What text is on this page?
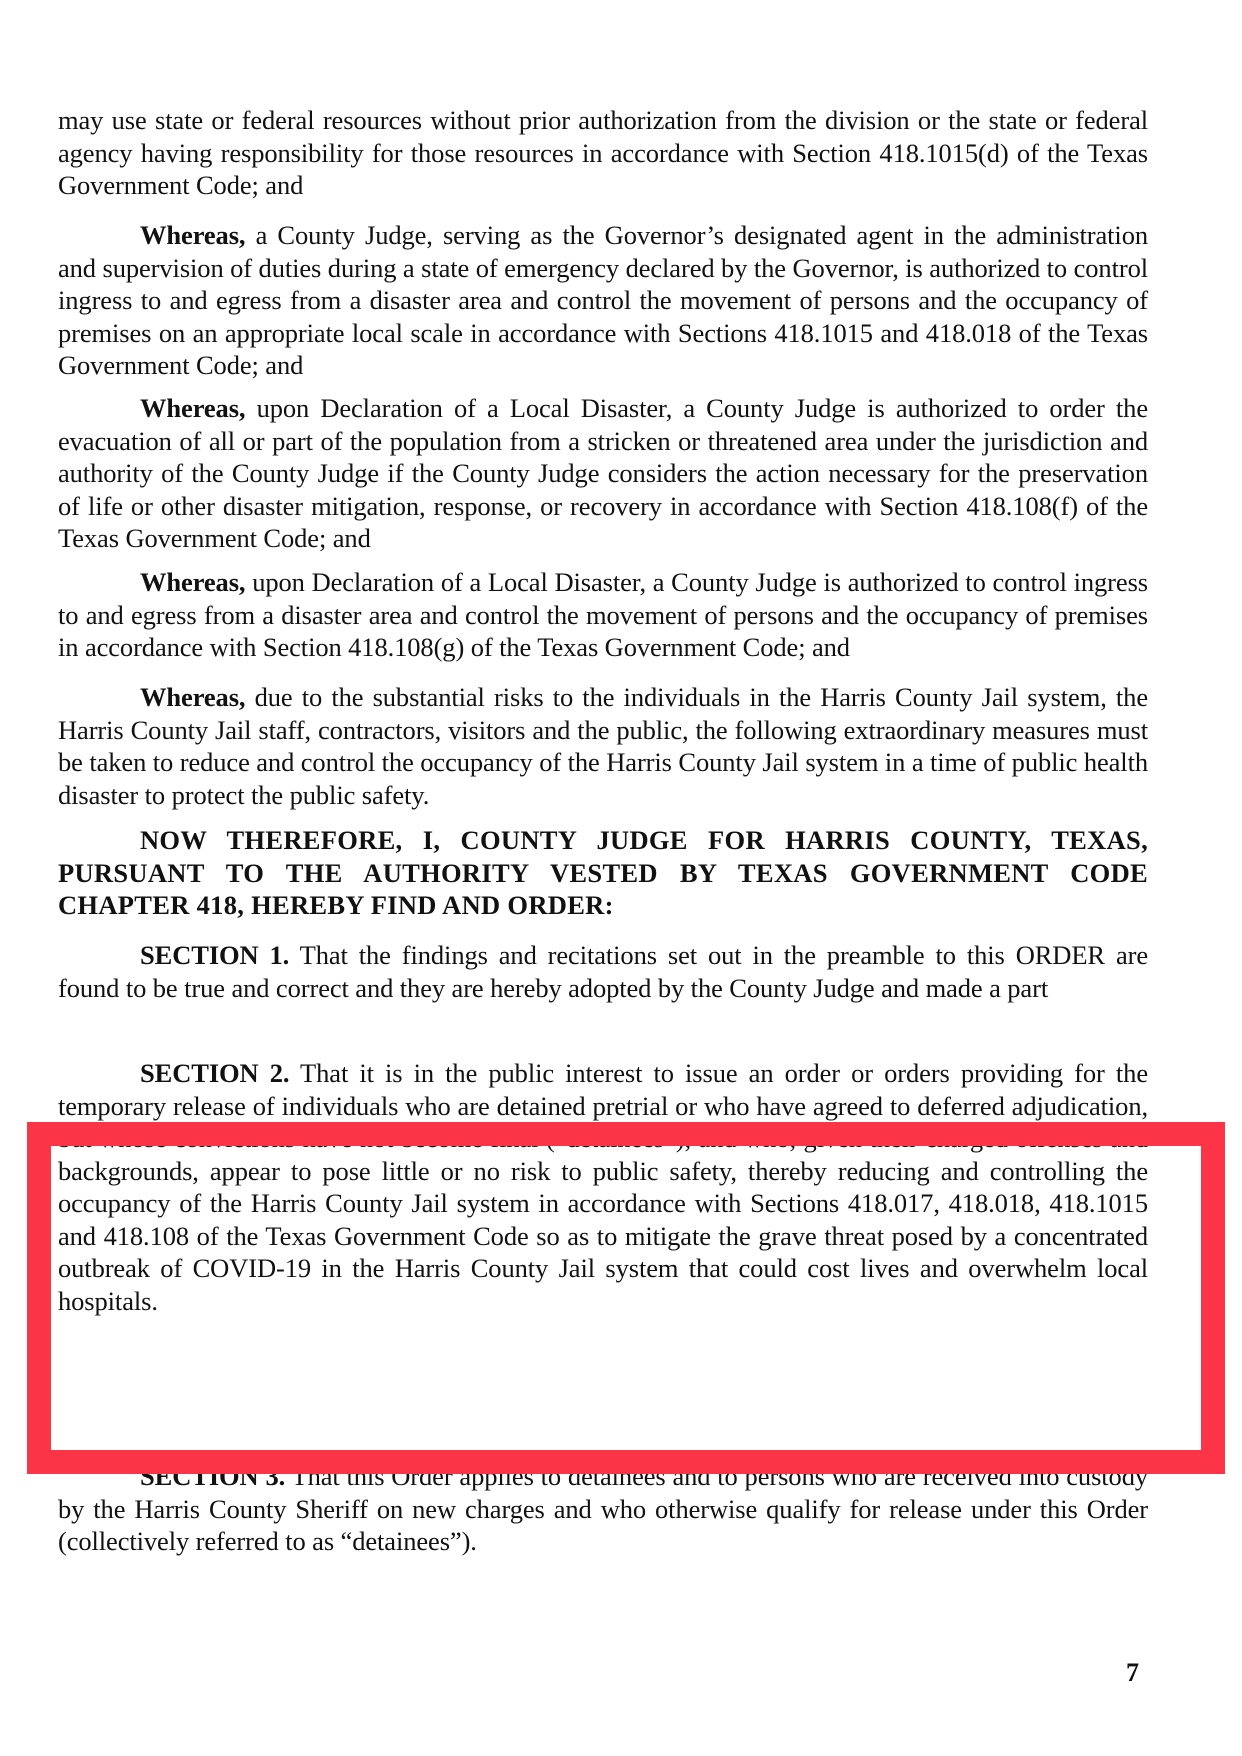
may use state or federal resources without prior authorization from the division or the state or federal agency having responsibility for those resources in accordance with Section 418.1015(d) of the Texas Government Code; and

Whereas, a County Judge, serving as the Governor’s designated agent in the administration and supervision of duties during a state of emergency declared by the Governor, is authorized to control ingress to and egress from a disaster area and control the movement of persons and the occupancy of premises on an appropriate local scale in accordance with Sections 418.1015 and 418.018 of the Texas Government Code; and

Whereas, upon Declaration of a Local Disaster, a County Judge is authorized to order the evacuation of all or part of the population from a stricken or threatened area under the jurisdiction and authority of the County Judge if the County Judge considers the action necessary for the preservation of life or other disaster mitigation, response, or recovery in accordance with Section 418.108(f) of the Texas Government Code; and

Whereas, upon Declaration of a Local Disaster, a County Judge is authorized to control ingress to and egress from a disaster area and control the movement of persons and the occupancy of premises in accordance with Section 418.108(g) of the Texas Government Code; and

Whereas, due to the substantial risks to the individuals in the Harris County Jail system, the Harris County Jail staff, contractors, visitors and the public, the following extraordinary measures must be taken to reduce and control the occupancy of the Harris County Jail system in a time of public health disaster to protect the public safety.

NOW THEREFORE, I, COUNTY JUDGE FOR HARRIS COUNTY, TEXAS, PURSUANT TO THE AUTHORITY VESTED BY TEXAS GOVERNMENT CODE CHAPTER 418, HEREBY FIND AND ORDER:

SECTION 1. That the findings and recitations set out in the preamble to this ORDER are found to be true and correct and they are hereby adopted by the County Judge and made a part

SECTION 2. That it is in the public interest to issue an order or orders providing for the temporary release of individuals who are detained pretrial or who have agreed to deferred adjudication, but whose convictions have not become final (“detainees”), and who, given their charged offenses and backgrounds, appear to pose little or no risk to public safety, thereby reducing and controlling the occupancy of the Harris County Jail system in accordance with Sections 418.017, 418.018, 418.1015 and 418.108 of the Texas Government Code so as to mitigate the grave threat posed by a concentrated outbreak of COVID-19 in the Harris County Jail system that could cost lives and overwhelm local hospitals.

SECTION 3. That this Order applies to detainees and to persons who are received into custody by the Harris County Sheriff on new charges and who otherwise qualify for release under this Order (collectively referred to as “detainees”).

7
